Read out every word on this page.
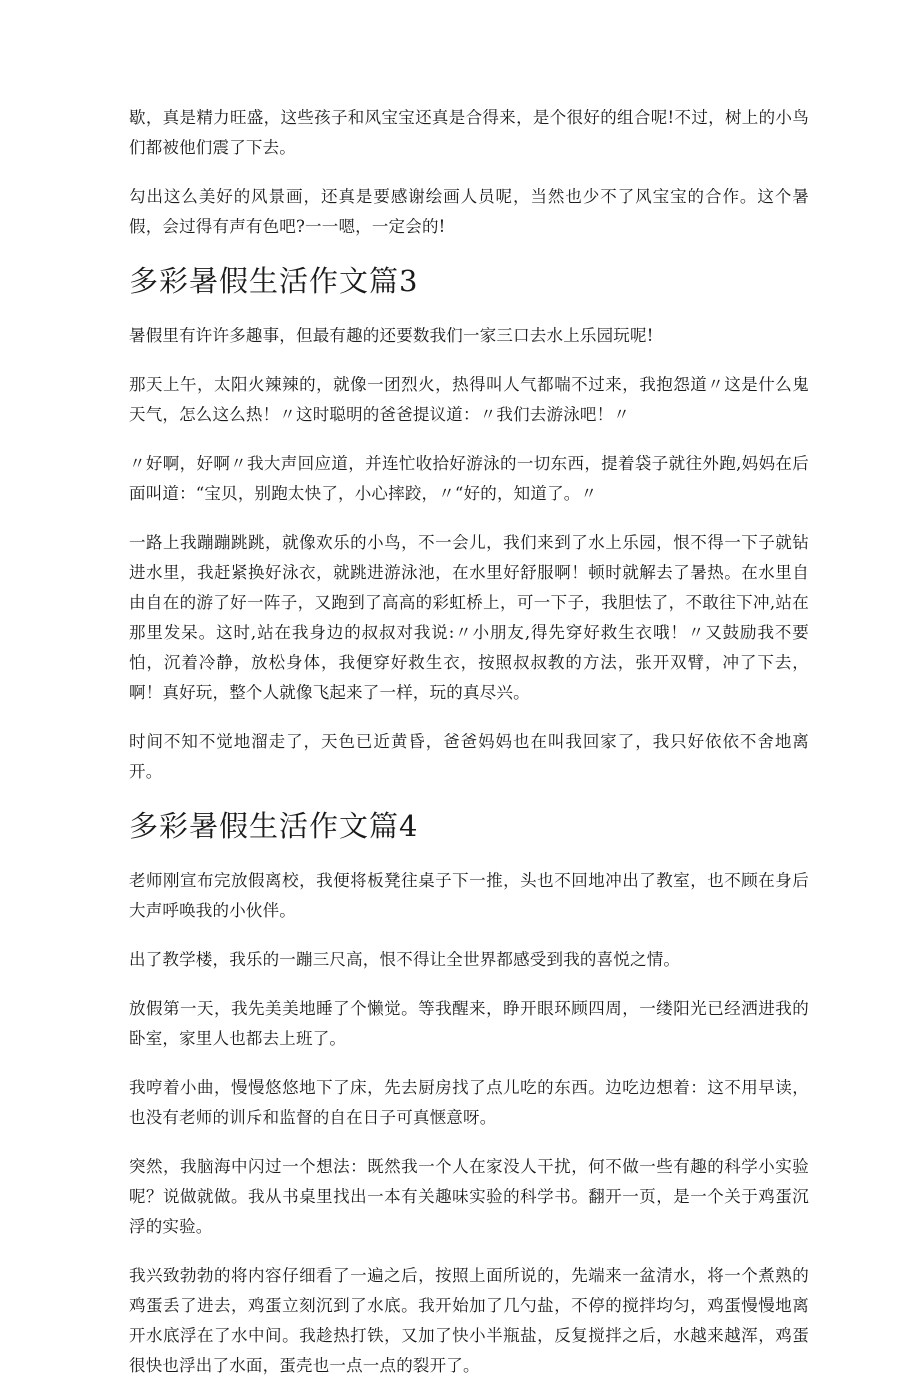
歇，真是精力旺盛，这些孩子和风宝宝还真是合得来，是个很好的组合呢!不过，树上的小鸟们都被他们震了下去。

勾出这么美好的风景画，还真是要感谢绘画人员呢，当然也少不了风宝宝的合作。这个暑假，会过得有声有色吧?一一嗯，一定会的!

多彩暑假生活作文篇3

暑假里有许许多趣事，但最有趣的还要数我们一家三口去水上乐园玩呢!

那天上午，太阳火辣辣的，就像一团烈火，热得叫人气都喘不过来，我抱怨道〃这是什么鬼天气，怎么这么热！〃这时聪明的爸爸提议道：〃我们去游泳吧！〃

〃好啊，好啊〃我大声回应道，并连忙收拾好游泳的一切东西，提着袋子就往外跑,妈妈在后面叫道：“宝贝，别跑太快了，小心摔跤，〃“好的，知道了。〃

一路上我蹦蹦跳跳，就像欢乐的小鸟，不一会儿，我们来到了水上乐园，恨不得一下子就钻进水里，我赶紧换好泳衣，就跳进游泳池，在水里好舒服啊！顿时就解去了暑热。在水里自由自在的游了好一阵子，又跑到了高高的彩虹桥上，可一下子，我胆怯了，不敢往下冲,站在那里发呆。这时,站在我身边的叔叔对我说:〃小朋友,得先穿好救生衣哦！〃又鼓励我不要怕，沉着冷静，放松身体，我便穿好救生衣，按照叔叔教的方法，张开双臂，冲了下去，啊！真好玩，整个人就像飞起来了一样，玩的真尽兴。

时间不知不觉地溜走了，天色已近黄昏，爸爸妈妈也在叫我回家了，我只好依依不舍地离开。

多彩暑假生活作文篇4

老师刚宣布完放假离校，我便将板凳往桌子下一推，头也不回地冲出了教室，也不顾在身后大声呼唤我的小伙伴。

出了教学楼，我乐的一蹦三尺高，恨不得让全世界都感受到我的喜悦之情。

放假第一天，我先美美地睡了个懒觉。等我醒来，睁开眼环顾四周，一缕阳光已经洒进我的卧室，家里人也都去上班了。

我哼着小曲，慢慢悠悠地下了床，先去厨房找了点儿吃的东西。边吃边想着：这不用早读，也没有老师的训斥和监督的自在日子可真惬意呀。

突然，我脑海中闪过一个想法：既然我一个人在家没人干扰，何不做一些有趣的科学小实验呢？说做就做。我从书桌里找出一本有关趣味实验的科学书。翻开一页，是一个关于鸡蛋沉浮的实验。

我兴致勃勃的将内容仔细看了一遍之后，按照上面所说的，先端来一盆清水，将一个煮熟的鸡蛋丢了进去，鸡蛋立刻沉到了水底。我开始加了几勺盐，不停的搅拌均匀，鸡蛋慢慢地离开水底浮在了水中间。我趁热打铁，又加了快小半瓶盐，反复搅拌之后，水越来越浑，鸡蛋很快也浮出了水面，蛋壳也一点一点的裂开了。
